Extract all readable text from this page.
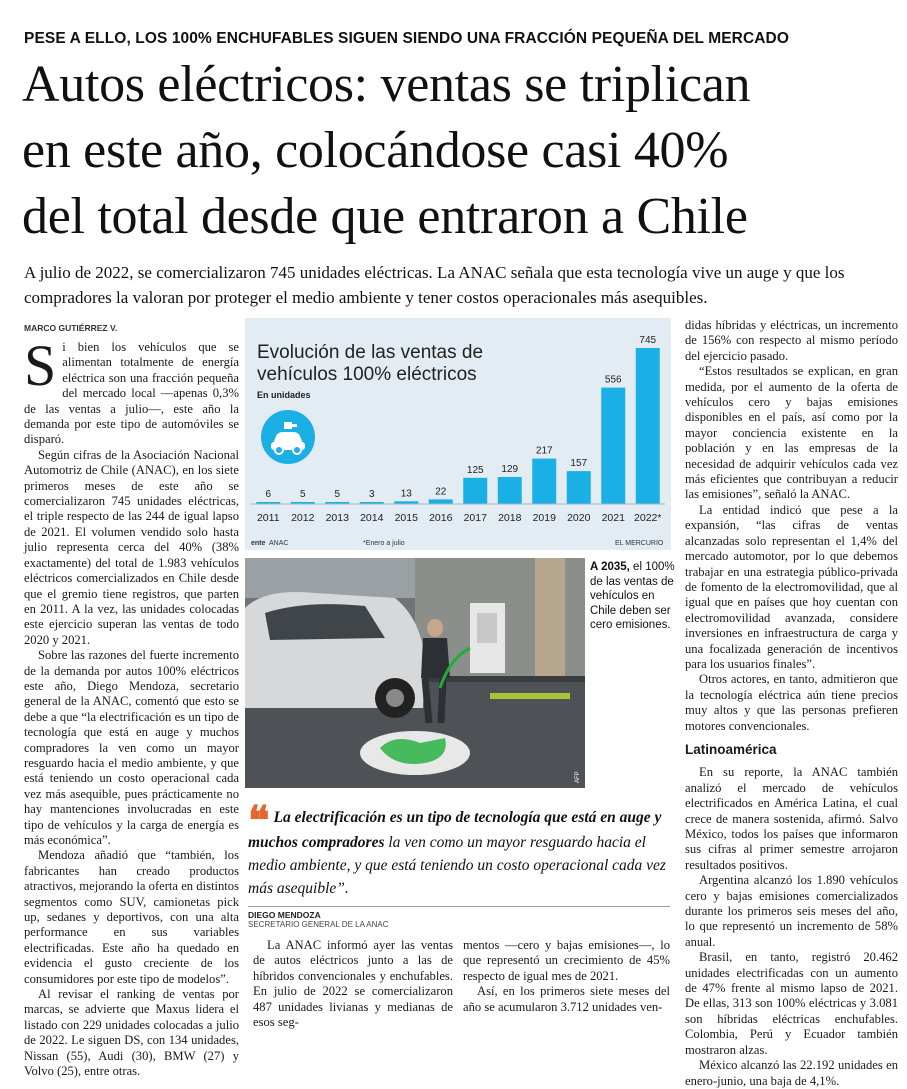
PESE A ELLO, LOS 100% ENCHUFABLES SIGUEN SIENDO UNA FRACCIÓN PEQUEÑA DEL MERCADO
Autos eléctricos: ventas se triplican
en este año, colocándose casi 40%
del total desde que entraron a Chile
A julio de 2022, se comercializaron 745 unidades eléctricas. La ANAC señala que esta tecnología vive un auge y que los compradores la valoran por proteger el medio ambiente y tener costos operacionales más asequibles.
MARCO GUTIÉRREZ V.

Si bien los vehículos que se alimentan totalmente de energía eléctrica son una fracción pequeña del mercado local —apenas 0,3% de las ventas a julio—, este año la demanda por este tipo de automóviles se disparó.

Según cifras de la Asociación Nacional Automotriz de Chile (ANAC), en los siete primeros meses de este año se comercializaron 745 unidades eléctricas, el triple respecto de las 244 de igual lapso de 2021. El volumen vendido solo hasta julio representa cerca del 40% (38% exactamente) del total de 1.983 vehículos eléctricos comercializados en Chile desde que el gremio tiene registros, que parten en 2011. A la vez, las unidades colocadas este ejercicio superan las ventas de todo 2020 y 2021.

Sobre las razones del fuerte incremento de la demanda por autos 100% eléctricos este año, Diego Mendoza, secretario general de la ANAC, comentó que esto se debe a que “la electrificación es un tipo de tecnología que está en auge y muchos compradores la ven como un mayor resguardo hacia el medio ambiente, y que está teniendo un costo operacional cada vez más asequible, pues prácticamente no hay mantenciones involucradas en este tipo de vehículos y la carga de energía es más económica”.

Mendoza añadió que “también, los fabricantes han creado productos atractivos, mejorando la oferta en distintos segmentos como SUV, camionetas pick up, sedanes y deportivos, con una alta performance en sus variables electrificadas. Este año ha quedado en evidencia el gusto creciente de los consumidores por este tipo de modelos”.

Al revisar el ranking de ventas por marcas, se advierte que Maxus lidera el listado con 229 unidades colocadas a julio de 2022. Le siguen DS, con 134 unidades, Nissan (55), Audi (30), BMW (27) y Volvo (25), entre otras.

Evolución de las ventas de vehículos 100% eléctricos
En unidades
6
2011
5
2012
5
2013
3
2014
13
2015
22
2016
125
2017
129
2018
217
2019
157
2020
556
2021
745
2022*
ente ANAC	*Enero a julio	EL MERCURIO
AFP
A 2035, el 100% de las ventas de vehículos en Chile deben ser cero emisiones.
❝ La electrificación es un tipo de tecnología que está en auge y muchos compradores la ven como un mayor resguardo hacia el medio ambiente, y que está teniendo un costo operacional cada vez más asequible”.
DIEGO MENDOZA
SECRETARIO GENERAL DE LA ANAC

La ANAC informó ayer las ventas de autos eléctricos junto a las de híbridos convencionales y enchufables. En julio de 2022 se comercializaron 487 unidades livianas y medianas de esos seg-

mentos —cero y bajas emisiones—, lo que representó un crecimiento de 45% respecto de igual mes de 2021.

Así, en los primeros siete meses del año se acumularon 3.712 unidades ven-

didas híbridas y eléctricas, un incremento de 156% con respecto al mismo período del ejercicio pasado.

“Estos resultados se explican, en gran medida, por el aumento de la oferta de vehículos cero y bajas emisiones disponibles en el país, así como por la mayor conciencia existente en la población y en las empresas de la necesidad de adquirir vehículos cada vez más eficientes que contribuyan a reducir las emisiones”, señaló la ANAC.

La entidad indicó que pese a la expansión, “las cifras de ventas alcanzadas solo representan el 1,4% del mercado automotor, por lo que debemos trabajar en una estrategia público-privada de fomento de la electromovilidad, que al igual que en países que hoy cuentan con electromovilidad avanzada, considere inversiones en infraestructura de carga y una focalizada generación de incentivos para los usuarios finales”.

Otros actores, en tanto, admitieron que la tecnología eléctrica aún tiene precios muy altos y que las personas prefieren motores convencionales.

Latinoamérica

En su reporte, la ANAC también analizó el mercado de vehículos electrificados en América Latina, el cual crece de manera sostenida, afirmó. Salvo México, todos los países que informaron sus cifras al primer semestre arrojaron resultados positivos.

Argentina alcanzó los 1.890 vehículos cero y bajas emisiones comercializados durante los primeros seis meses del año, lo que representó un incremento de 58% anual.

Brasil, en tanto, registró 20.462 unidades electrificadas con un aumento de 47% frente al mismo lapso de 2021. De ellas, 313 son 100% eléctricas y 3.081 son híbridas eléctricas enchufables. Colombia, Perú y Ecuador también mostraron alzas.

México alcanzó las 22.192 unidades en enero-junio, una baja de 4,1%.
